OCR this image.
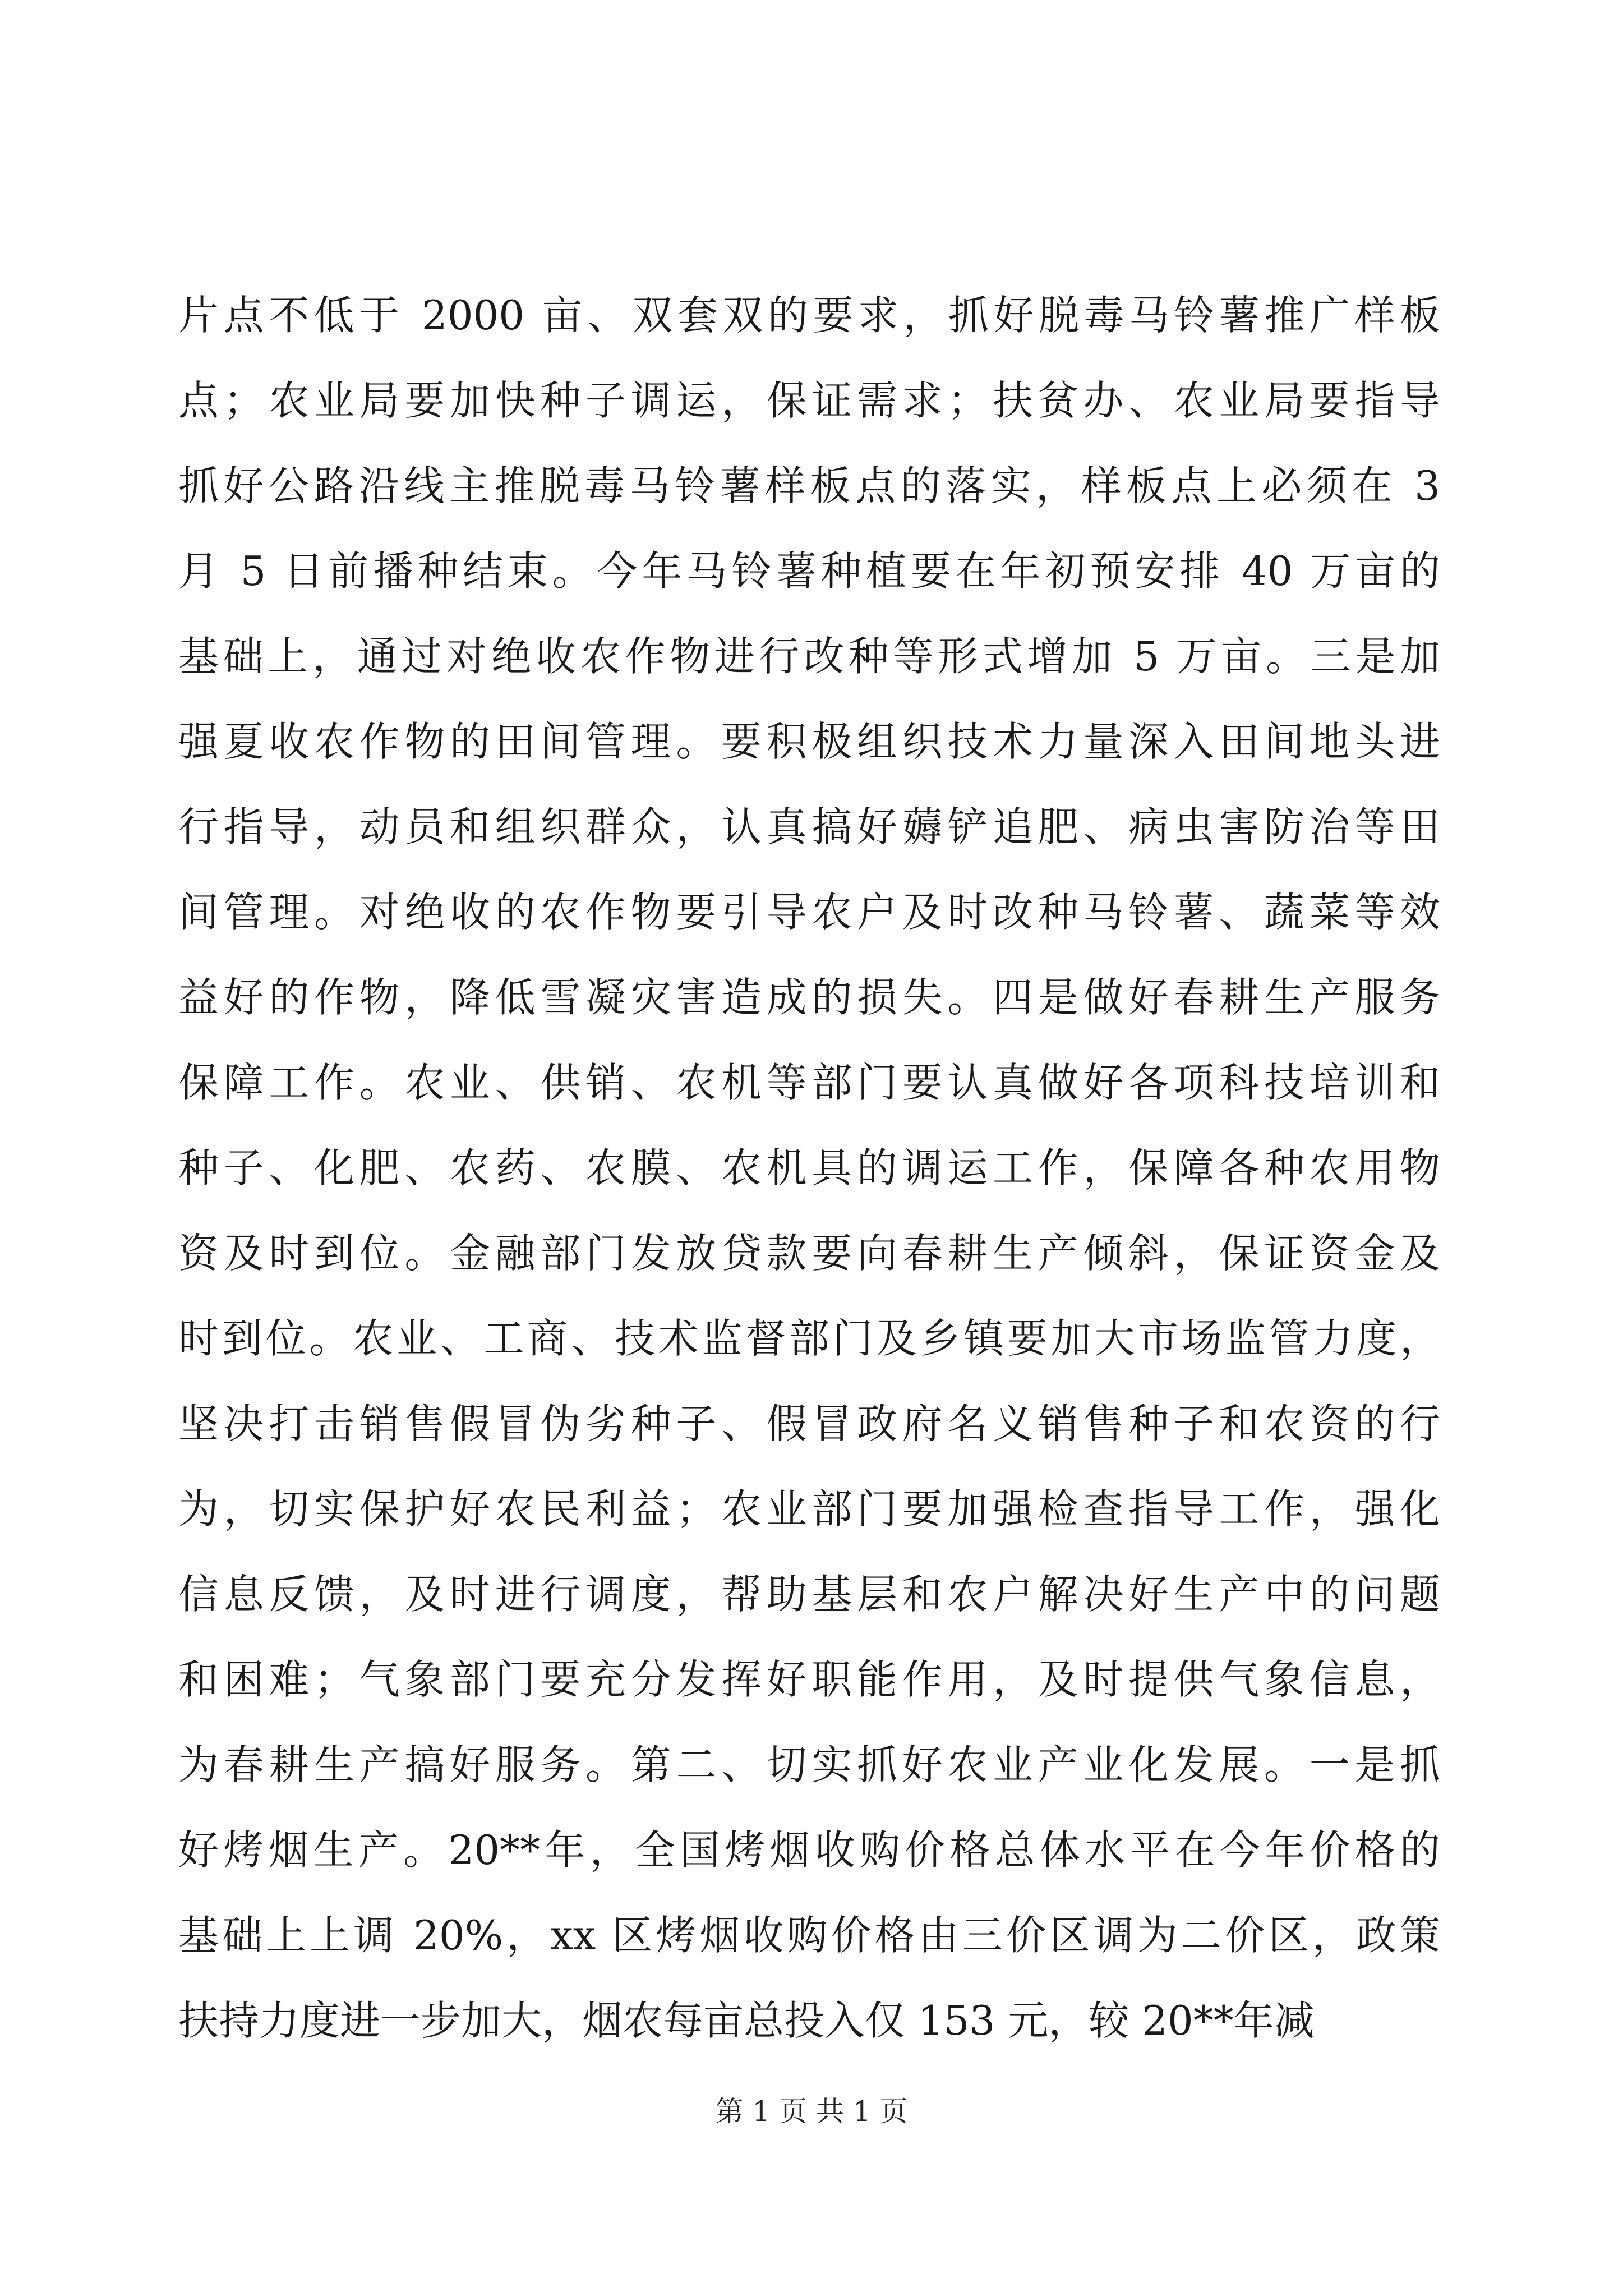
片点不低于 2000 亩、双套双的要求，抓好脱毒马铃薯推广样板
点；农业局要加快种子调运，保证需求；扶贫办、农业局要指导
抓好公路沿线主推脱毒马铃薯样板点的落实，样板点上必须在 3
月 5 日前播种结束。今年马铃薯种植要在年初预安排 40 万亩的
基础上，通过对绝收农作物进行改种等形式增加 5 万亩。三是加
强夏收农作物的田间管理。要积极组织技术力量深入田间地头进
行指导，动员和组织群众，认真搞好薅铲追肥、病虫害防治等田
间管理。对绝收的农作物要引导农户及时改种马铃薯、蔬菜等效
益好的作物，降低雪凝灾害造成的损失。四是做好春耕生产服务
保障工作。农业、供销、农机等部门要认真做好各项科技培训和
种子、化肥、农药、农膜、农机具的调运工作，保障各种农用物
资及时到位。金融部门发放贷款要向春耕生产倾斜，保证资金及
时到位。农业、工商、技术监督部门及乡镇要加大市场监管力度，
坚决打击销售假冒伪劣种子、假冒政府名义销售种子和农资的行
为，切实保护好农民利益；农业部门要加强检查指导工作，强化
信息反馈，及时进行调度，帮助基层和农户解决好生产中的问题
和困难；气象部门要充分发挥好职能作用，及时提供气象信息，
为春耕生产搞好服务。第二、切实抓好农业产业化发展。一是抓
好烤烟生产。20**年，全国烤烟收购价格总体水平在今年价格的
基础上上调 20%，xx 区烤烟收购价格由三价区调为二价区，政策
扶持力度进一步加大，烟农每亩总投入仅 153 元，较 20**年减
第 1 页 共 1 页
